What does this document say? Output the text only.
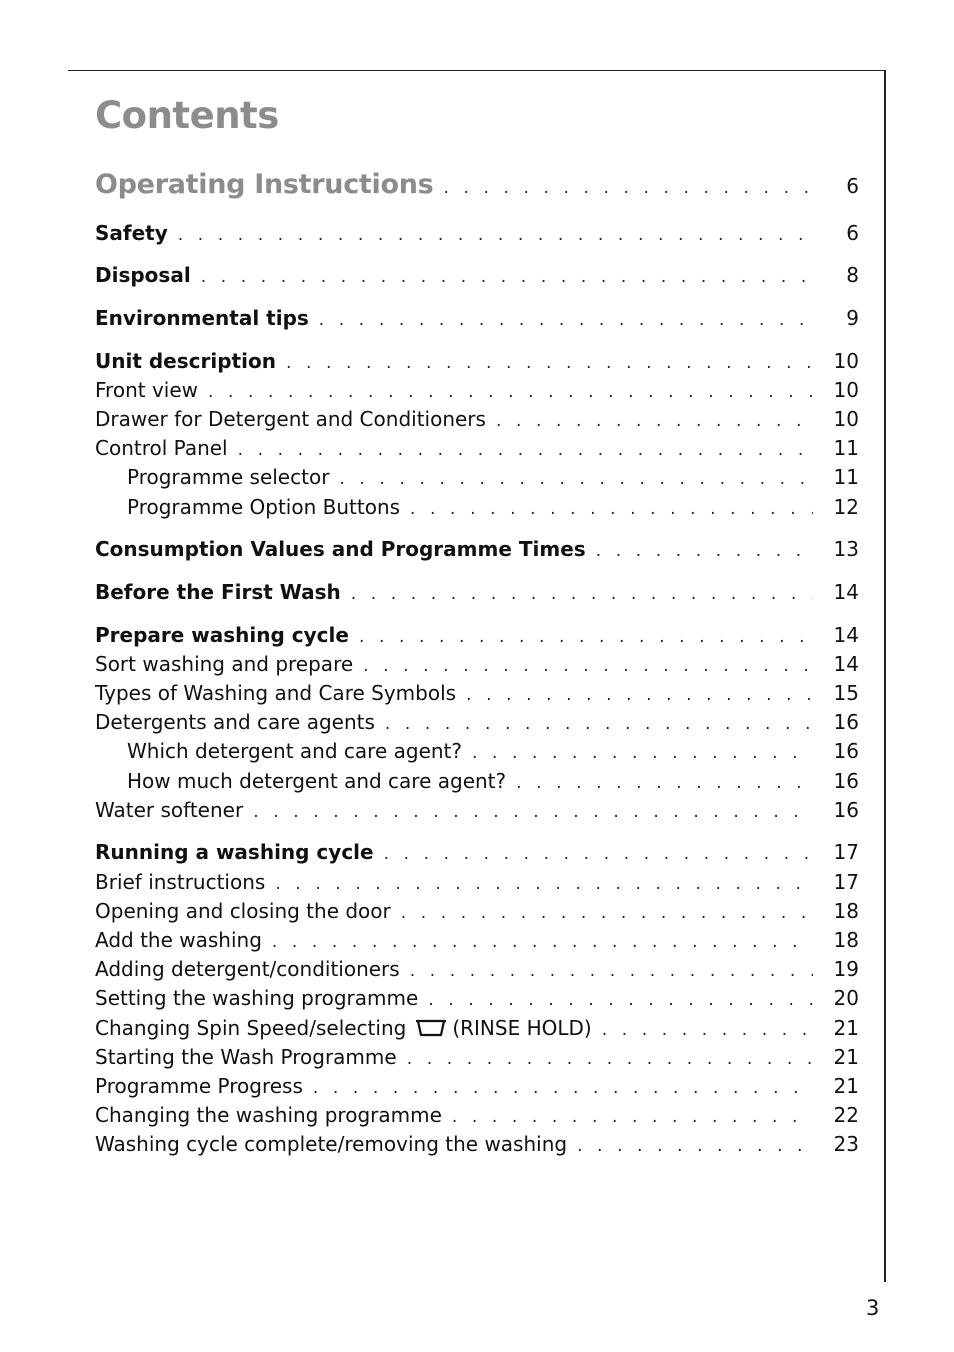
Contents
Operating Instructions . . .	6
Safety . . .	6
Disposal . . .	8
Environmental tips . . .	9
Unit description . . .	10
Front view . . .	10
Drawer for Detergent and Conditioners . . .	10
Control Panel . . .	11
Programme selector . . .	11
Programme Option Buttons . . .	12
Consumption Values and Programme Times . . .	13
Before the First Wash . . .	14
Prepare washing cycle . . .	14
Sort washing and prepare . . .	14
Types of Washing and Care Symbols . . .	15
Detergents and care agents . . .	16
Which detergent and care agent? . . .	16
How much detergent and care agent? . . .	16
Water softener . . .	16
Running a washing cycle . . .	17
Brief instructions . . .	17
Opening and closing the door . . .	18
Add the washing . . .	18
Adding detergent/conditioners . . .	19
Setting the washing programme . . .	20
Changing Spin Speed/selecting (RINSE HOLD) . . .	21
Starting the Wash Programme . . .	21
Programme Progress . . .	21
Changing the washing programme . . .	22
Washing cycle complete/removing the washing . . .	23
3
